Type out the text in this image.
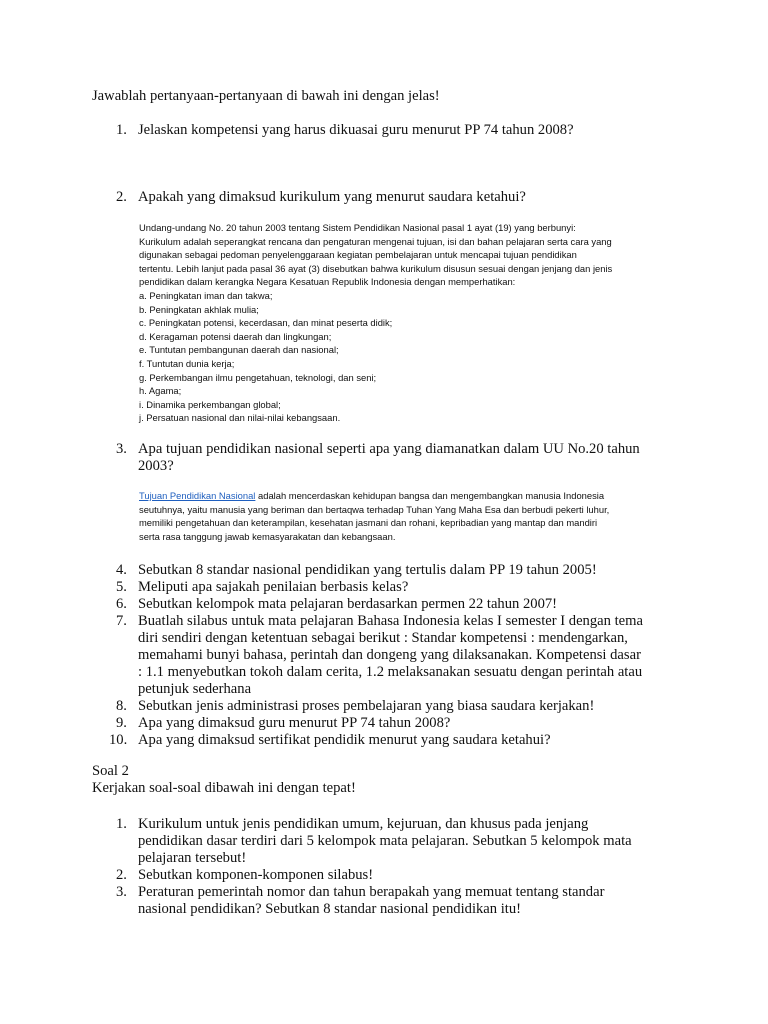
Jawablah pertanyaan-pertanyaan di bawah ini dengan jelas!
1. Jelaskan kompetensi yang harus dikuasai guru menurut PP 74 tahun 2008?
2. Apakah yang dimaksud kurikulum yang menurut saudara ketahui?

Undang-undang No. 20 tahun 2003 tentang Sistem Pendidikan Nasional pasal 1 ayat (19) yang berbunyi:

Kurikulum adalah seperangkat rencana dan pengaturan mengenai tujuan, isi dan bahan pelajaran serta cara yang

digunakan sebagai pedoman penyelenggaraan kegiatan pembelajaran untuk mencapai tujuan pendidikan

tertentu. Lebih lanjut pada pasal 36 ayat (3) disebutkan bahwa kurikulum disusun sesuai dengan jenjang dan jenis

pendidikan dalam kerangka Negara Kesatuan Republik Indonesia dengan memperhatikan:

a. Peningkatan iman dan takwa;
b. Peningkatan akhlak mulia;
c. Peningkatan potensi, kecerdasan, dan minat peserta didik;
d. Keragaman potensi daerah dan lingkungan;
e. Tuntutan pembangunan daerah dan nasional;
f. Tuntutan dunia kerja;
g. Perkembangan ilmu pengetahuan, teknologi, dan seni;
h. Agama;
i. Dinamika perkembangan global;
j. Persatuan nasional dan nilai-nilai kebangsaan.
3. Apa tujuan pendidikan nasional seperti apa yang diamanatkan dalam UU No.20 tahun
2003?

Tujuan Pendidikan Nasional adalah mencerdaskan kehidupan bangsa dan mengembangkan manusia Indonesia

seutuhnya, yaitu manusia yang beriman dan bertaqwa terhadap Tuhan Yang Maha Esa dan berbudi pekerti luhur,

memiliki pengetahuan dan keterampilan, kesehatan jasmani dan rohani, kepribadian yang mantap dan mandiri

serta rasa tanggung jawab kemasyarakatan dan kebangsaan.

4. Sebutkan 8 standar nasional pendidikan yang tertulis dalam PP 19 tahun 2005!
5. Meliputi apa sajakah penilaian berbasis kelas?
6. Sebutkan kelompok mata pelajaran berdasarkan permen 22 tahun 2007!
7. Buatlah silabus untuk mata pelajaran Bahasa Indonesia kelas I semester I dengan tema
diri sendiri dengan ketentuan sebagai berikut : Standar kompetensi : mendengarkan,
memahami bunyi bahasa, perintah dan dongeng yang dilaksanakan. Kompetensi dasar
: 1.1 menyebutkan tokoh dalam cerita, 1.2 melaksanakan sesuatu dengan perintah atau
petunjuk sederhana
8. Sebutkan jenis administrasi proses pembelajaran yang biasa saudara kerjakan!
9. Apa yang dimaksud guru menurut PP 74 tahun 2008?
10. Apa yang dimaksud sertifikat pendidik menurut yang saudara ketahui?
Soal 2
Kerjakan soal-soal dibawah ini dengan tepat!
1. Kurikulum untuk jenis pendidikan umum, kejuruan, dan khusus pada jenjang
pendidikan dasar terdiri dari 5 kelompok mata pelajaran. Sebutkan 5 kelompok mata
pelajaran tersebut!
2. Sebutkan komponen-komponen silabus!
3. Peraturan pemerintah nomor dan tahun berapakah yang memuat tentang standar
nasional pendidikan? Sebutkan 8 standar nasional pendidikan itu!
